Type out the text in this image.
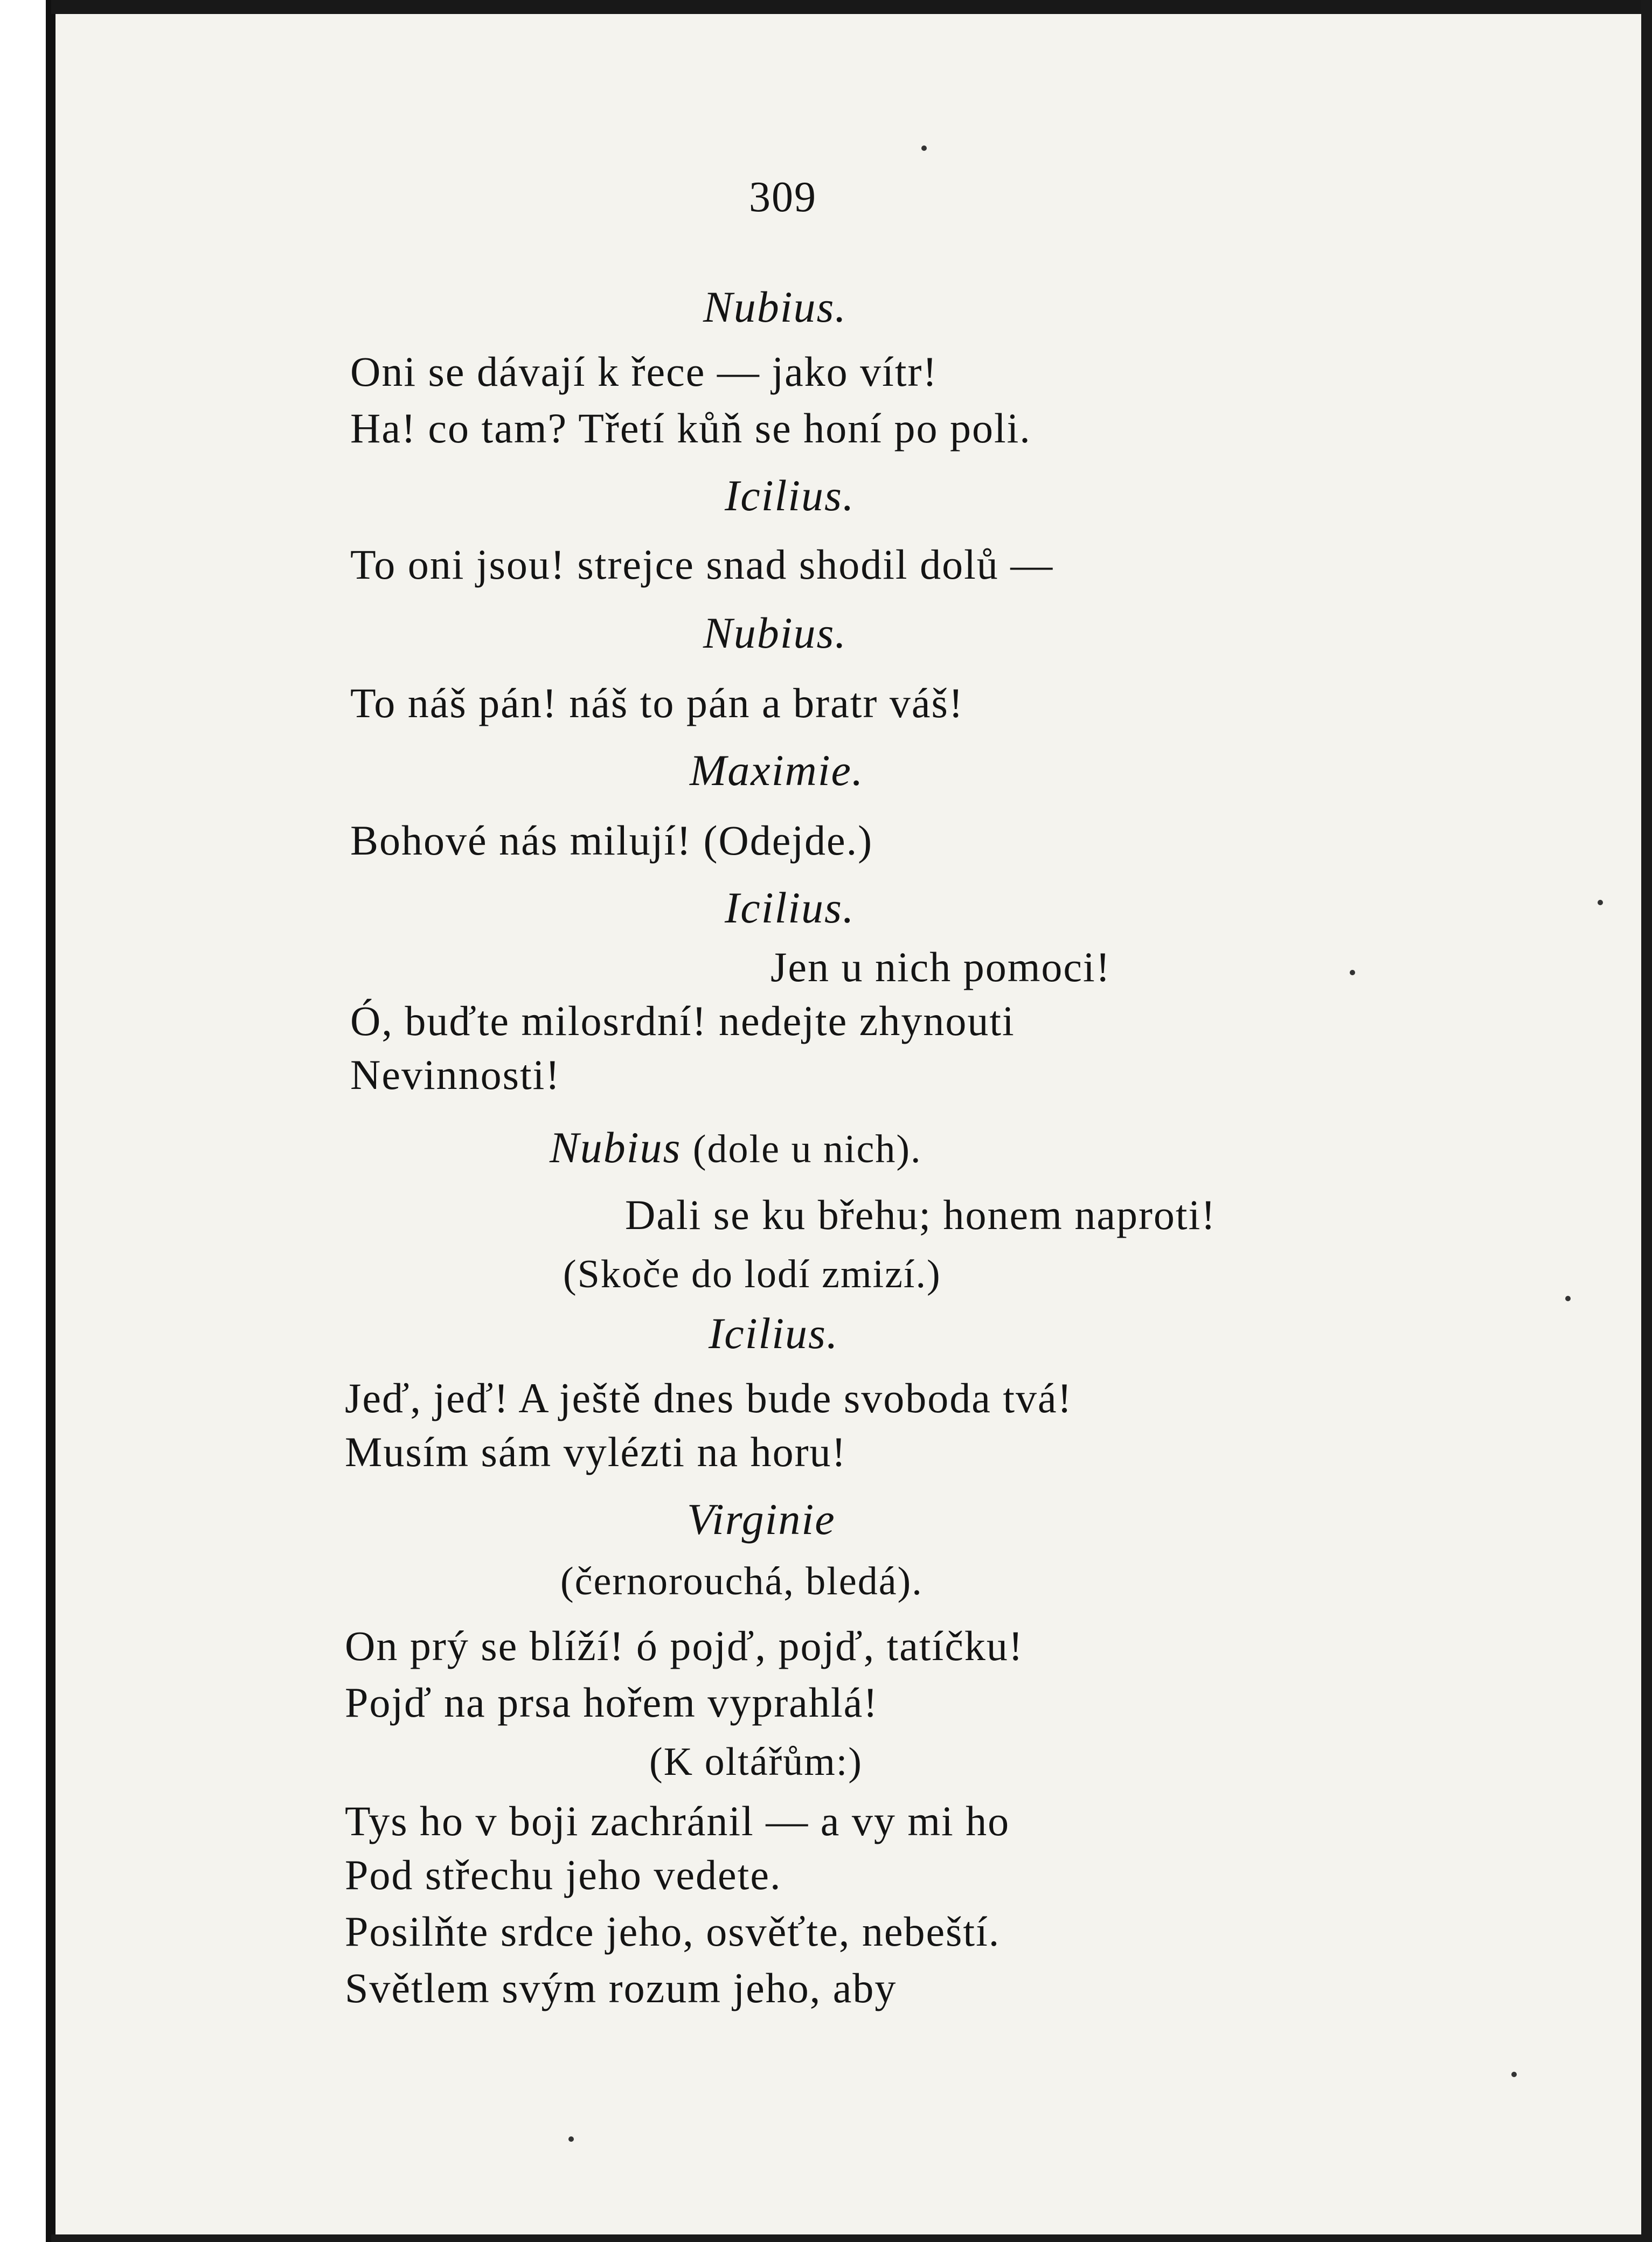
309
Nubius.
Oni se dávají k řece — jako vítr!
Ha! co tam? Třetí kůň se honí po poli.
Icilius.
To oni jsou! strejce snad shodil dolů —
Nubius.
To náš pán! náš to pán a bratr váš!
Maximie.
Bohové nás milují! (Odejde.)
Icilius.
Jen u nich pomoci!
Ó, buďte milosrdní! nedejte zhynouti
Nevinnosti!
Nubius (dole u nich).
Dali se ku břehu; honem naproti!
(Skoče do lodí zmizí.)
Icilius.
Jeď, jeď! A ještě dnes bude svoboda tvá!
Musím sám vylézti na horu!
Virginie
(černorouchá, bledá).
On prý se blíží! ó pojď, pojď, tatíčku!
Pojď na prsa hořem vyprahlá!
(K oltářům:)
Tys ho v boji zachránil — a vy mi ho
Pod střechu jeho vedete.
Posilňte srdce jeho, osvěťte, nebeští.
Světlem svým rozum jeho, aby
